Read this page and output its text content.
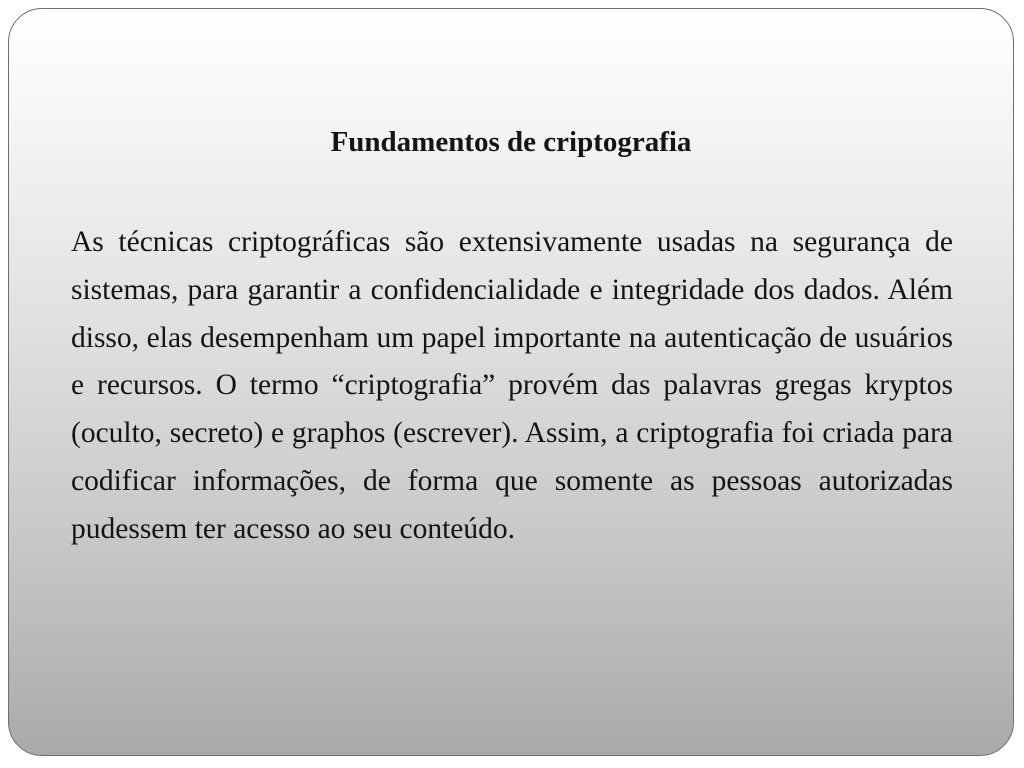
Fundamentos de criptografia

As técnicas criptográficas são extensivamente usadas na segurança de sistemas, para garantir a confidencialidade e integridade dos dados. Além disso, elas desempenham um papel importante na autenticação de usuários e recursos. O termo “criptografia” provém das palavras gregas kryptos (oculto, secreto) e graphos (escrever). Assim, a criptografia foi criada para codificar informações, de forma que somente as pessoas autorizadas pudessem ter acesso ao seu conteúdo.
